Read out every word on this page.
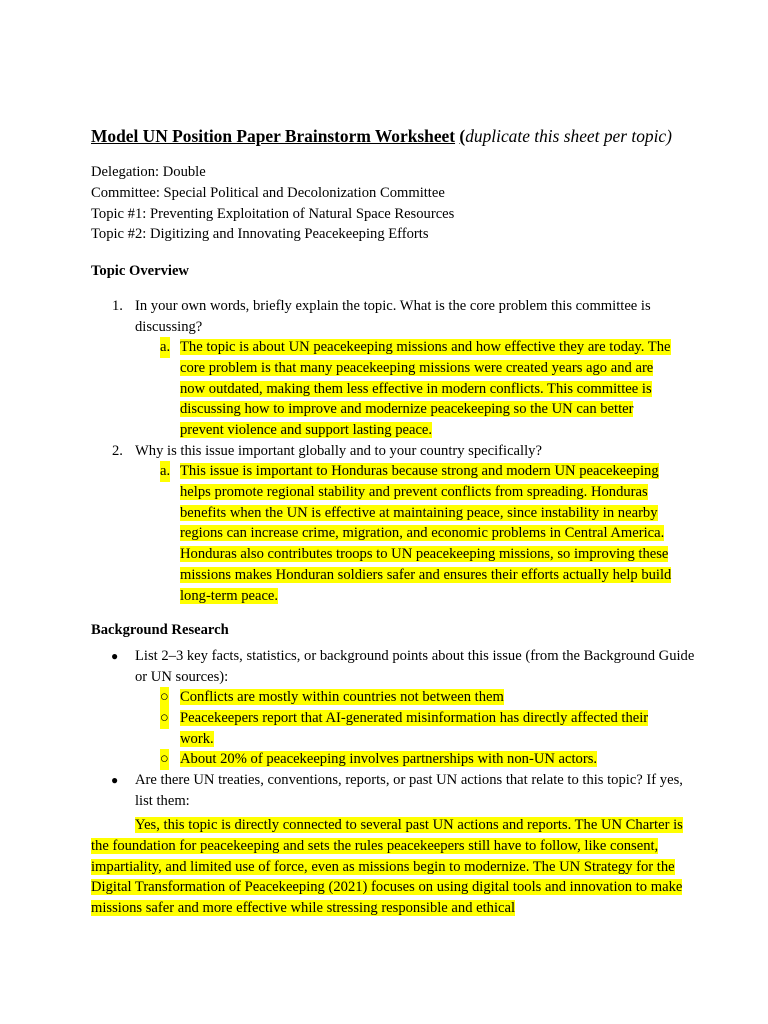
Model UN Position Paper Brainstorm Worksheet (duplicate this sheet per topic)
Delegation: Double
Committee: Special Political and Decolonization Committee
Topic #1: Preventing Exploitation of Natural Space Resources
Topic #2: Digitizing and Innovating Peacekeeping Efforts
Topic Overview
1. In your own words, briefly explain the topic. What is the core problem this committee is discussing?
a. The topic is about UN peacekeeping missions and how effective they are today. The core problem is that many peacekeeping missions were created years ago and are now outdated, making them less effective in modern conflicts. This committee is discussing how to improve and modernize peacekeeping so the UN can better prevent violence and support lasting peace.
2. Why is this issue important globally and to your country specifically?
a. This issue is important to Honduras because strong and modern UN peacekeeping helps promote regional stability and prevent conflicts from spreading. Honduras benefits when the UN is effective at maintaining peace, since instability in nearby regions can increase crime, migration, and economic problems in Central America. Honduras also contributes troops to UN peacekeeping missions, so improving these missions makes Honduran soldiers safer and ensures their efforts actually help build long-term peace.
Background Research
● List 2–3 key facts, statistics, or background points about this issue (from the Background Guide or UN sources):
○ Conflicts are mostly within countries not between them
○ Peacekeepers report that AI-generated misinformation has directly affected their work.
○ About 20% of peacekeeping involves partnerships with non-UN actors.
● Are there UN treaties, conventions, reports, or past UN actions that relate to this topic? If yes, list them:
Yes, this topic is directly connected to several past UN actions and reports. The UN Charter is the foundation for peacekeeping and sets the rules peacekeepers still have to follow, like consent, impartiality, and limited use of force, even as missions begin to modernize. The UN Strategy for the Digital Transformation of Peacekeeping (2021) focuses on using digital tools and innovation to make missions safer and more effective while stressing responsible and ethical
